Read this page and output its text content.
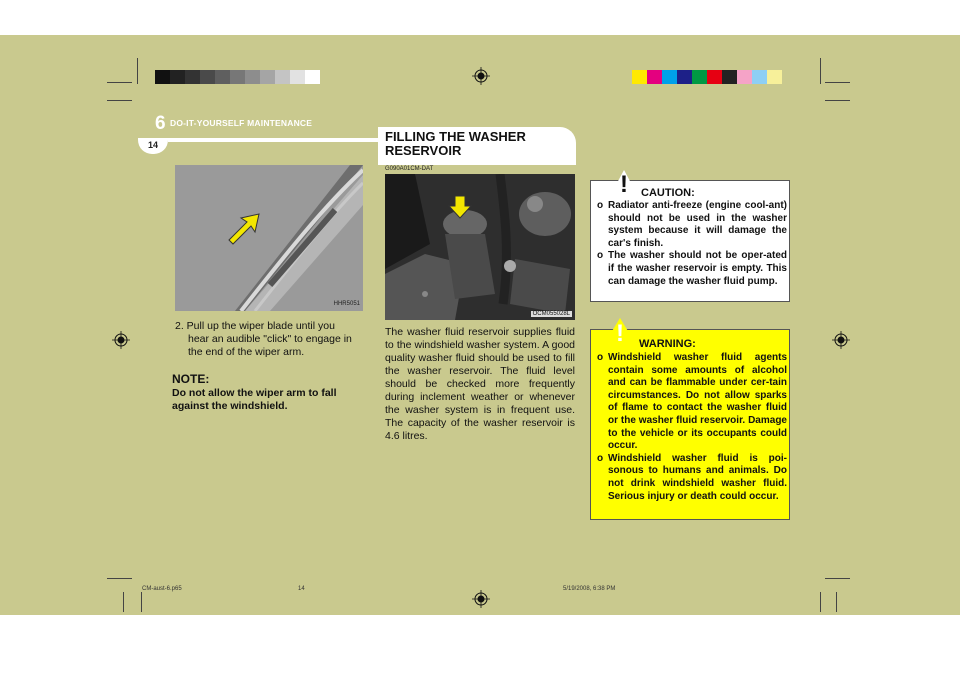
6 DO-IT-YOURSELF MAINTENANCE
14
FILLING THE WASHER
RESERVOIR
HHR5051
2. Pull up the wiper blade until you
hear an audible "click" to engage in
the end of the wiper arm.
NOTE:
Do not allow the wiper arm to fall against the windshield.
G090A01CM-DAT
OCM055028L
The washer fluid reservoir supplies fluid to the windshield washer system. A good quality washer fluid should be used to fill the washer reservoir. The fluid level should be checked more frequently during inclement weather or whenever the washer system is in frequent use. The capacity of the washer reservoir is 4.6 litres.
! CAUTION:
o Radiator anti-freeze (engine cool-ant) should not be used in the washer system because it will damage the car's finish.
o The washer should not be oper-ated if the washer reservoir is empty. This can damage the washer fluid pump.
! WARNING:
o Windshield washer fluid agents contain some amounts of alcohol and can be flammable under cer-tain circumstances. Do not allow sparks of flame to contact the washer fluid or the washer fluid reservoir. Damage to the vehicle or its occupants could occur.
o Windshield washer fluid is poi-sonous to humans and animals. Do not drink windshield washer fluid. Serious injury or death could occur.
CM-aust-6.p65	14	5/19/2008, 6:38 PM
